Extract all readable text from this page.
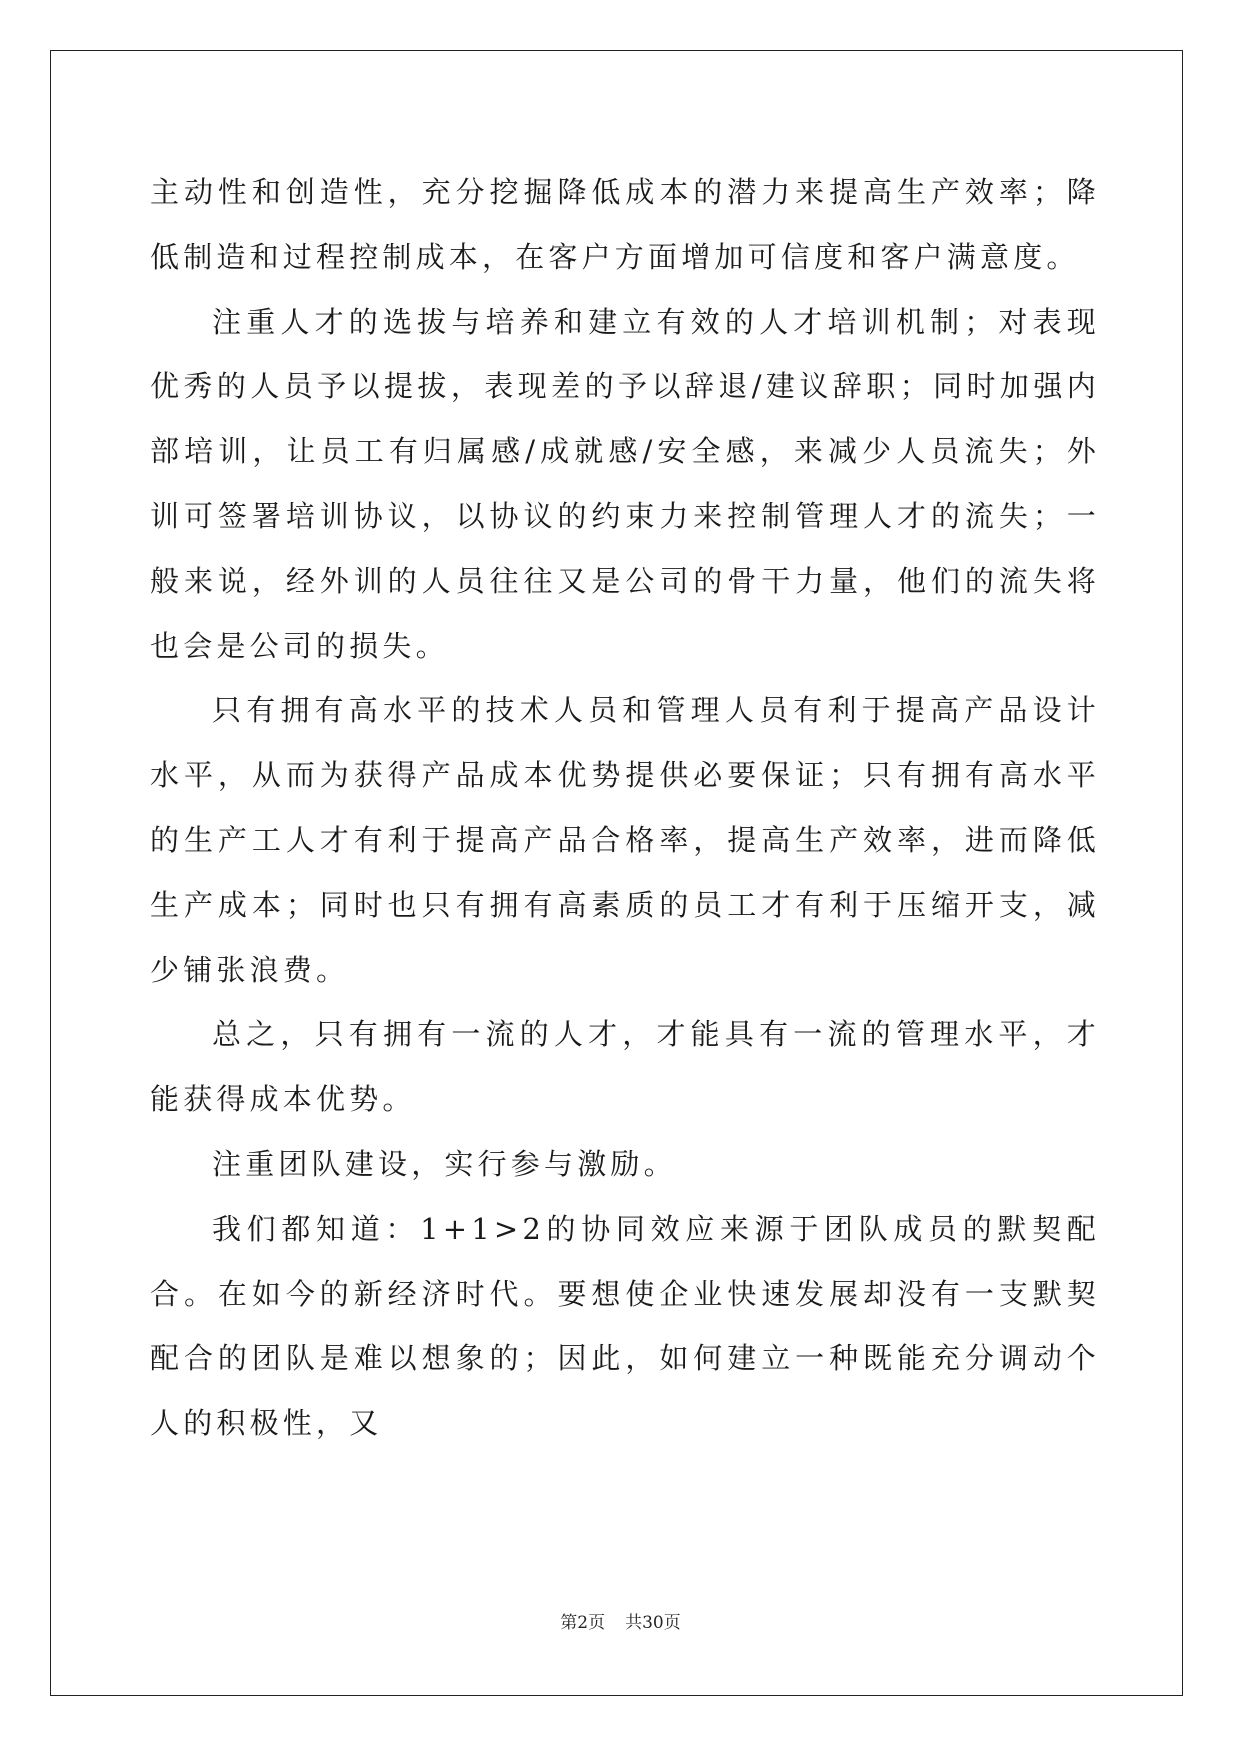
主动性和创造性，充分挖掘降低成本的潜力来提高生产效率；降低制造和过程控制成本，在客户方面增加可信度和客户满意度。

注重人才的选拔与培养和建立有效的人才培训机制；对表现优秀的人员予以提拔，表现差的予以辞退/建议辞职；同时加强内部培训，让员工有归属感/成就感/安全感，来减少人员流失；外训可签署培训协议，以协议的约束力来控制管理人才的流失；一般来说，经外训的人员往往又是公司的骨干力量，他们的流失将也会是公司的损失。

只有拥有高水平的技术人员和管理人员有利于提高产品设计水平，从而为获得产品成本优势提供必要保证；只有拥有高水平的生产工人才有利于提高产品合格率，提高生产效率，进而降低生产成本；同时也只有拥有高素质的员工才有利于压缩开支，减少铺张浪费。

总之，只有拥有一流的人才，才能具有一流的管理水平，才能获得成本优势。

注重团队建设，实行参与激励。

我们都知道：1+1>2的协同效应来源于团队成员的默契配合。在如今的新经济时代。要想使企业快速发展却没有一支默契配合的团队是难以想象的；因此，如何建立一种既能充分调动个人的积极性，又

第2页 共30页
